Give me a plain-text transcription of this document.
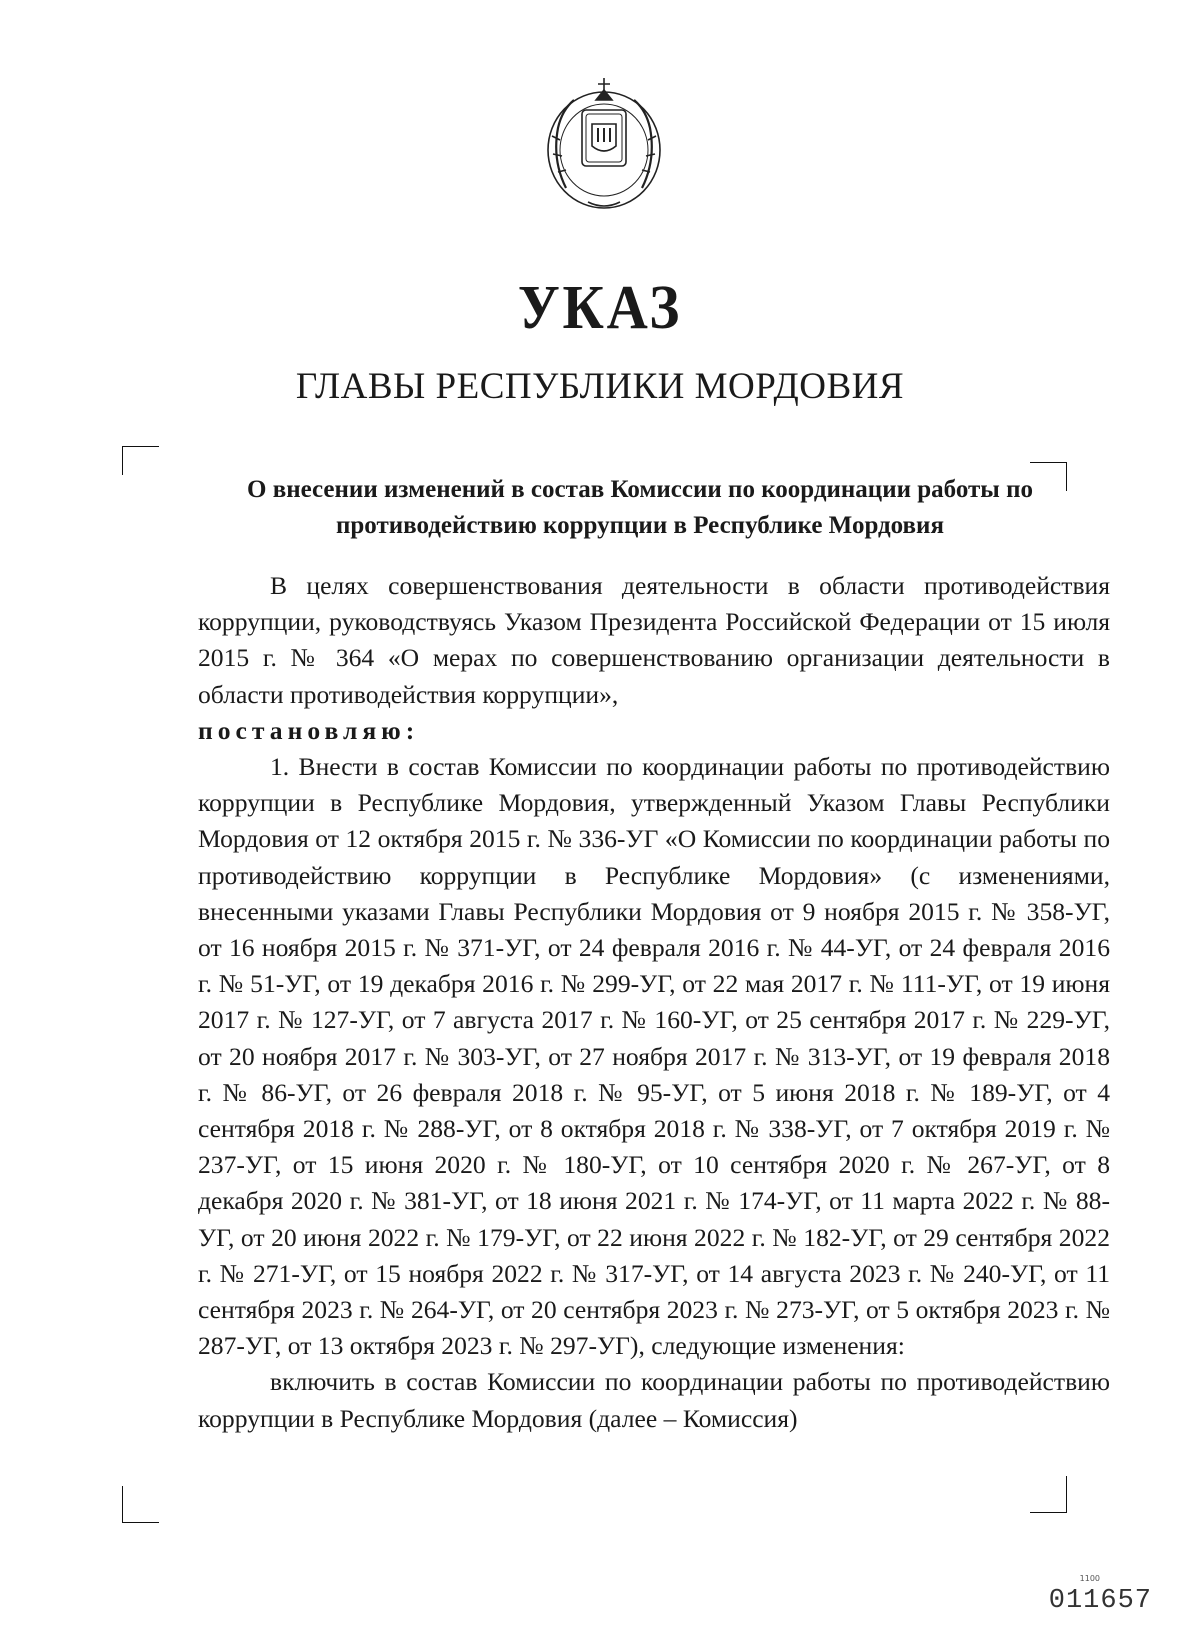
УКАЗ
ГЛАВЫ РЕСПУБЛИКИ МОРДОВИЯ
О внесении изменений в состав Комиссии по координации работы по противодействию коррупции в Республике Мордовия

В целях совершенствования деятельности в области противодействия коррупции, руководствуясь Указом Президента Российской Федерации от 15 июля 2015 г. № 364 «О мерах по совершенствованию организации деятельности в области противодействия коррупции»,

постановляю:

1. Внести в состав Комиссии по координации работы по противодействию коррупции в Республике Мордовия, утвержденный Указом Главы Республики Мордовия от 12 октября 2015 г. № 336-УГ «О Комиссии по координации работы по противодействию коррупции в Республике Мордовия» (с изменениями, внесенными указами Главы Республики Мордовия от 9 ноября 2015 г. № 358-УГ, от 16 ноября 2015 г. № 371-УГ, от 24 февраля 2016 г. № 44-УГ, от 24 февраля 2016 г. № 51-УГ, от 19 декабря 2016 г. № 299-УГ, от 22 мая 2017 г. № 111-УГ, от 19 июня 2017 г. № 127-УГ, от 7 августа 2017 г. № 160-УГ, от 25 сентября 2017 г. № 229-УГ, от 20 ноября 2017 г. № 303-УГ, от 27 ноября 2017 г. № 313-УГ, от 19 февраля 2018 г. № 86-УГ, от 26 февраля 2018 г. № 95-УГ, от 5 июня 2018 г. № 189-УГ, от 4 сентября 2018 г. № 288-УГ, от 8 октября 2018 г. № 338-УГ, от 7 октября 2019 г. № 237-УГ, от 15 июня 2020 г. № 180-УГ, от 10 сентября 2020 г. № 267-УГ, от 8 декабря 2020 г. № 381-УГ, от 18 июня 2021 г. № 174-УГ, от 11 марта 2022 г. № 88-УГ, от 20 июня 2022 г. № 179-УГ, от 22 июня 2022 г. № 182-УГ, от 29 сентября 2022 г. № 271-УГ, от 15 ноября 2022 г. № 317-УГ, от 14 августа 2023 г. № 240-УГ, от 11 сентября 2023 г. № 264-УГ, от 20 сентября 2023 г. № 273-УГ, от 5 октября 2023 г. № 287-УГ, от 13 октября 2023 г. № 297-УГ), следующие изменения:

включить в состав Комиссии по координации работы по противодействию коррупции в Республике Мордовия (далее – Комиссия)

1100
011657
